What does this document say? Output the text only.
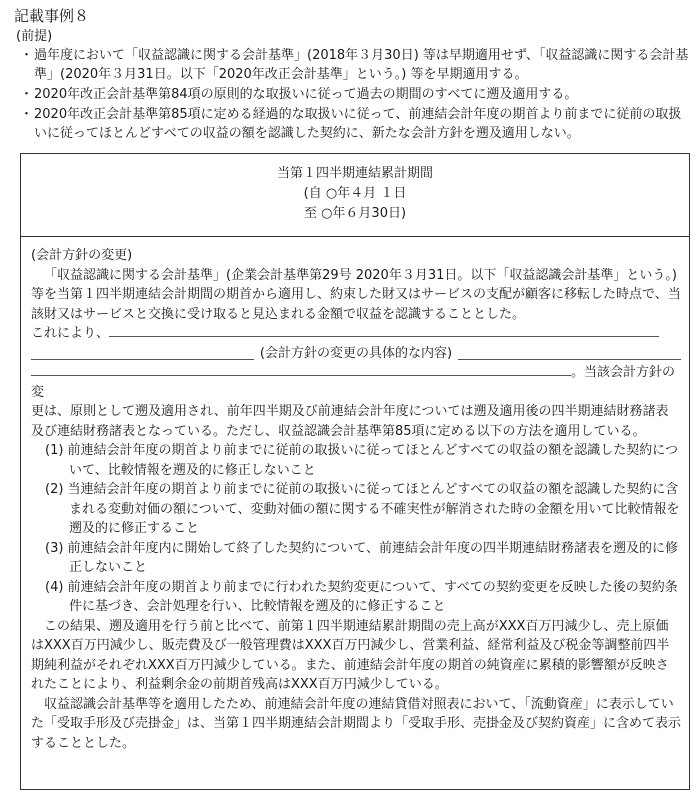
記載事例８
(前提)
・ 過年度において「収益認識に関する会計基準」(2018年３月30日) 等は早期適用せず、「収益認識に関する会計基準」(2020年３月31日。以下「2020年改正会計基準」という。) 等を早期適用する。
・ 2020年改正会計基準第84項の原則的な取扱いに従って過去の期間のすべてに遡及適用する。
・ 2020年改正会計基準第85項に定める経過的な取扱いに従って、前連結会計年度の期首より前までに従前の取扱いに従ってほとんどすべての収益の額を認識した契約に、新たな会計方針を遡及適用しない。
当第１四半期連結累計期間
(自 ○年４月 １日
至 ○年６月30日)

(会計方針の変更)

「収益認識に関する会計基準」(企業会計基準第29号 2020年３月31日。以下「収益認識会計基準」という。) 等を当第１四半期連結会計期間の期首から適用し、約束した財又はサービスの支配が顧客に移転した時点で、当該財又はサービスと交換に受け取ると見込まれる金額で収益を認識することとした。

これにより、

(会計方針の変更の具体的な内容)

。当該会計方針の変

更は、原則として遡及適用され、前年四半期及び前連結会計年度については遡及適用後の四半期連結財務諸表及び連結財務諸表となっている。ただし、収益認識会計基準第85項に定める以下の方法を適用している。

(1) 前連結会計年度の期首より前までに従前の取扱いに従ってほとんどすべての収益の額を認識した契約について、比較情報を遡及的に修正しないこと

(2) 当連結会計年度の期首より前までに従前の取扱いに従ってほとんどすべての収益の額を認識した契約に含まれる変動対価の額について、変動対価の額に関する不確実性が解消された時の金額を用いて比較情報を遡及的に修正すること

(3) 前連結会計年度内に開始して終了した契約について、前連結会計年度の四半期連結財務諸表を遡及的に修正しないこと

(4) 前連結会計年度の期首より前までに行われた契約変更について、すべての契約変更を反映した後の契約条件に基づき、会計処理を行い、比較情報を遡及的に修正すること

この結果、遡及適用を行う前と比べて、前第１四半期連結累計期間の売上高がXXX百万円減少し、売上原価はXXX百万円減少し、販売費及び一般管理費はXXX百万円減少し、営業利益、経常利益及び税金等調整前四半期純利益がそれぞれXXX百万円減少している。また、前連結会計年度の期首の純資産に累積的影響額が反映されたことにより、利益剰余金の前期首残高はXXX百万円減少している。

収益認識会計基準等を適用したため、前連結会計年度の連結貸借対照表において、「流動資産」に表示していた「受取手形及び売掛金」は、当第１四半期連結会計期間より「受取手形、売掛金及び契約資産」に含めて表示することとした。
